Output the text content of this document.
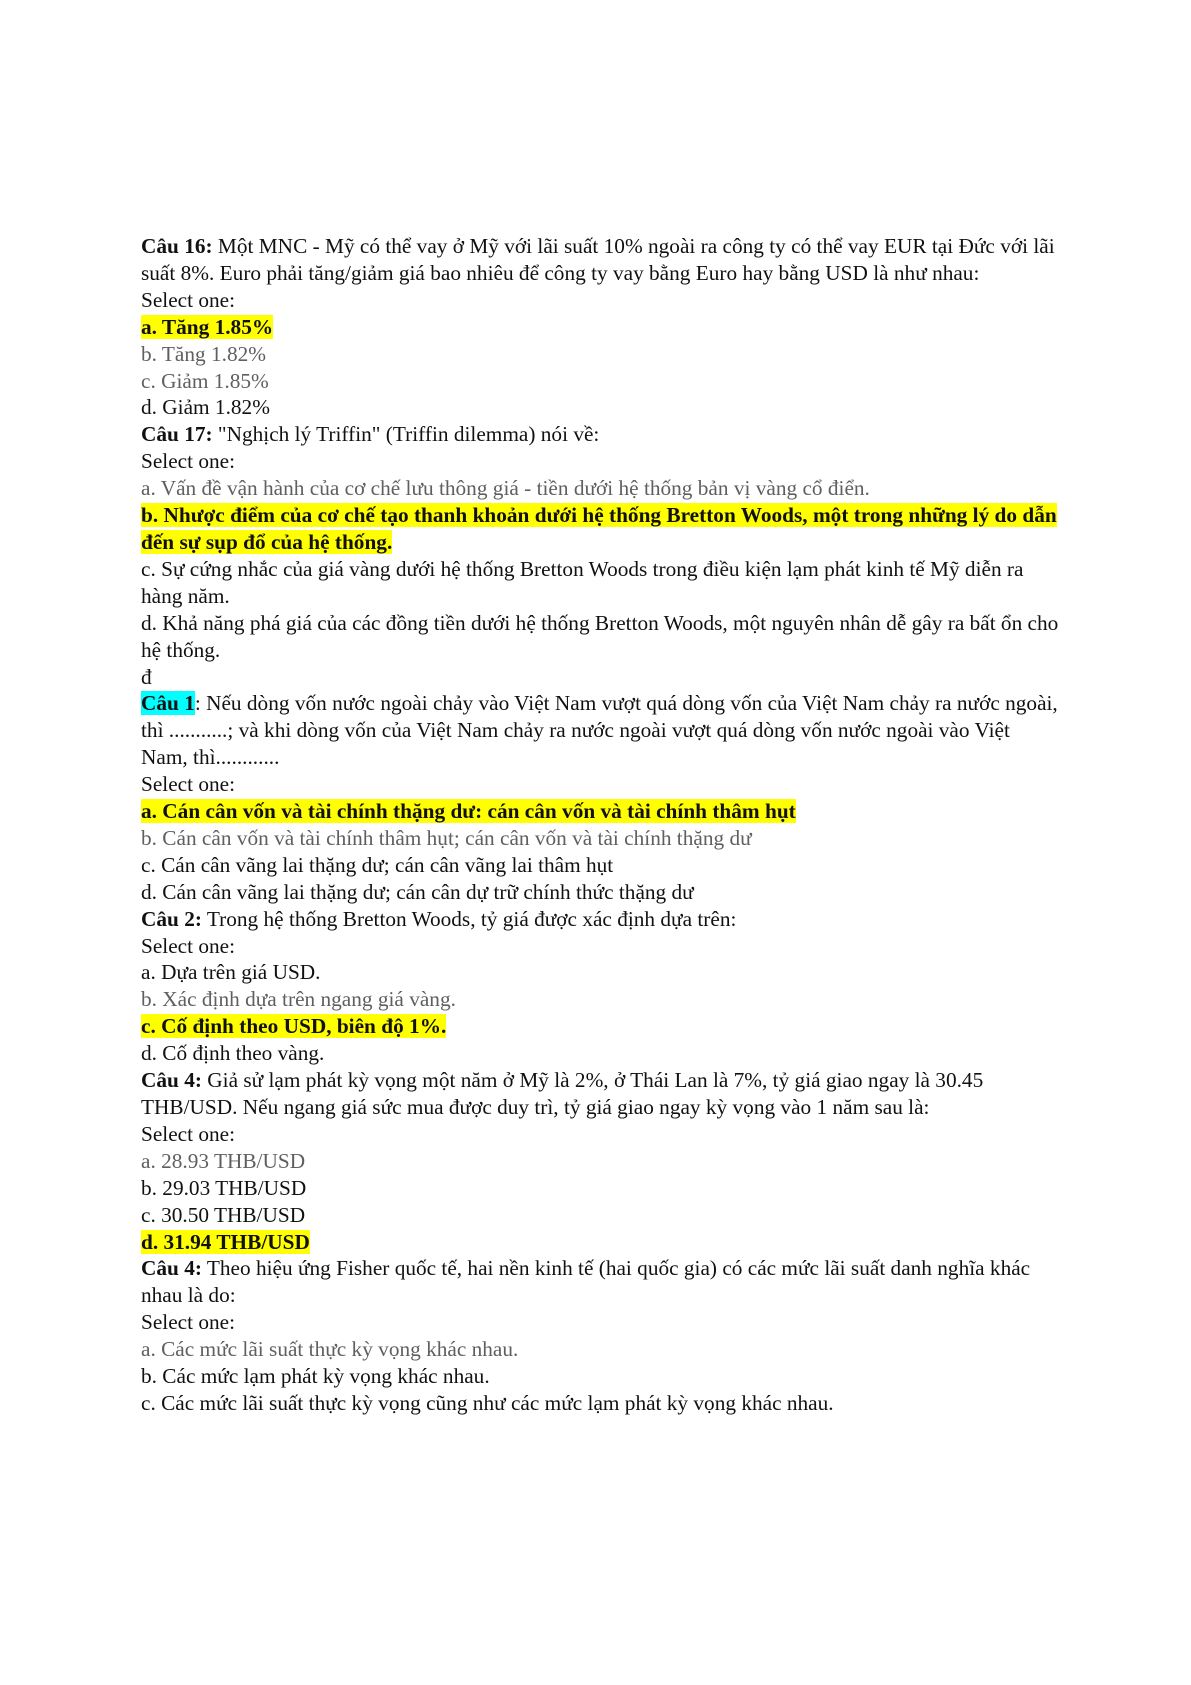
Câu 16: Một MNC - Mỹ có thể vay ở Mỹ với lãi suất 10% ngoài ra công ty có thể vay EUR tại Đức với lãi suất 8%. Euro phải tăng/giảm giá bao nhiêu để công ty vay bằng Euro hay bằng USD là như nhau:
Select one:
a. Tăng 1.85%
b. Tăng 1.82%
c. Giảm 1.85%
d. Giảm 1.82%
Câu 17: "Nghịch lý Triffin" (Triffin dilemma) nói về:
Select one:
a. Vấn đề vận hành của cơ chế lưu thông giá - tiền dưới hệ thống bản vị vàng cổ điển.
b. Nhược điểm của cơ chế tạo thanh khoản dưới hệ thống Bretton Woods, một trong những lý do dẫn đến sự sụp đổ của hệ thống.
c. Sự cứng nhắc của giá vàng dưới hệ thống Bretton Woods trong điều kiện lạm phát kinh tế Mỹ diễn ra hàng năm.
d. Khả năng phá giá của các đồng tiền dưới hệ thống Bretton Woods, một nguyên nhân dễ gây ra bất ổn cho hệ thống.
đ
Câu 1: Nếu dòng vốn nước ngoài chảy vào Việt Nam vượt quá dòng vốn của Việt Nam chảy ra nước ngoài, thì ...........; và khi dòng vốn của Việt Nam chảy ra nước ngoài vượt quá dòng vốn nước ngoài vào Việt Nam, thì............
Select one:
a. Cán cân vốn và tài chính thặng dư: cán cân vốn và tài chính thâm hụt
b. Cán cân vốn và tài chính thâm hụt; cán cân vốn và tài chính thặng dư
c. Cán cân vãng lai thặng dư; cán cân vãng lai thâm hụt
d. Cán cân vãng lai thặng dư; cán cân dự trữ chính thức thặng dư
Câu 2: Trong hệ thống Bretton Woods, tỷ giá được xác định dựa trên:
Select one:
a. Dựa trên giá USD.
b. Xác định dựa trên ngang giá vàng.
c. Cố định theo USD, biên độ 1%.
d. Cố định theo vàng.
Câu 4: Giả sử lạm phát kỳ vọng một năm ở Mỹ là 2%, ở Thái Lan là 7%, tỷ giá giao ngay là 30.45 THB/USD. Nếu ngang giá sức mua được duy trì, tỷ giá giao ngay kỳ vọng vào 1 năm sau là:
Select one:
a. 28.93 THB/USD
b. 29.03 THB/USD
c. 30.50 THB/USD
d. 31.94 THB/USD
Câu 4: Theo hiệu ứng Fisher quốc tế, hai nền kinh tế (hai quốc gia) có các mức lãi suất danh nghĩa khác nhau là do:
Select one:
a. Các mức lãi suất thực kỳ vọng khác nhau.
b. Các mức lạm phát kỳ vọng khác nhau.
c. Các mức lãi suất thực kỳ vọng cũng như các mức lạm phát kỳ vọng khác nhau.
